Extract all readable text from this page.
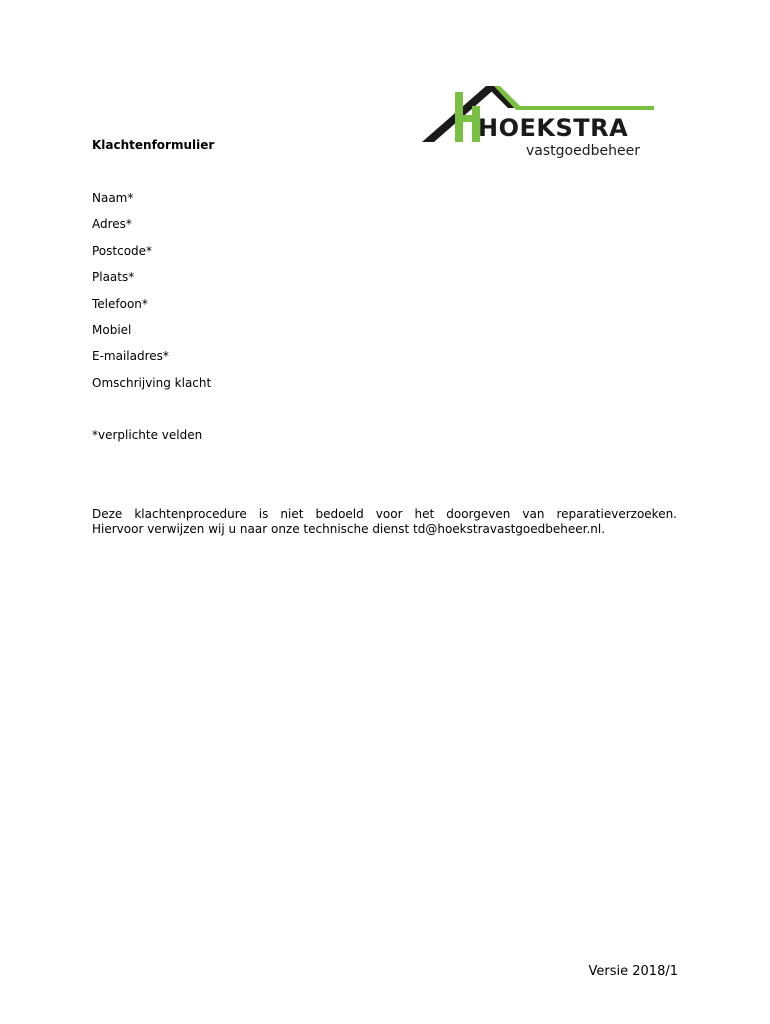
HOEKSTRA
vastgoedbeheer
Klachtenformulier
Naam*
Adres*
Postcode*
Plaats*
Telefoon*
Mobiel
E-mailadres*
Omschrijving klacht
*verplichte velden

Deze klachtenprocedure is niet bedoeld voor het doorgeven van reparatieverzoeken.

Hiervoor verwijzen wij u naar onze technische dienst td@hoekstravastgoedbeheer.nl.

Versie 2018/1
